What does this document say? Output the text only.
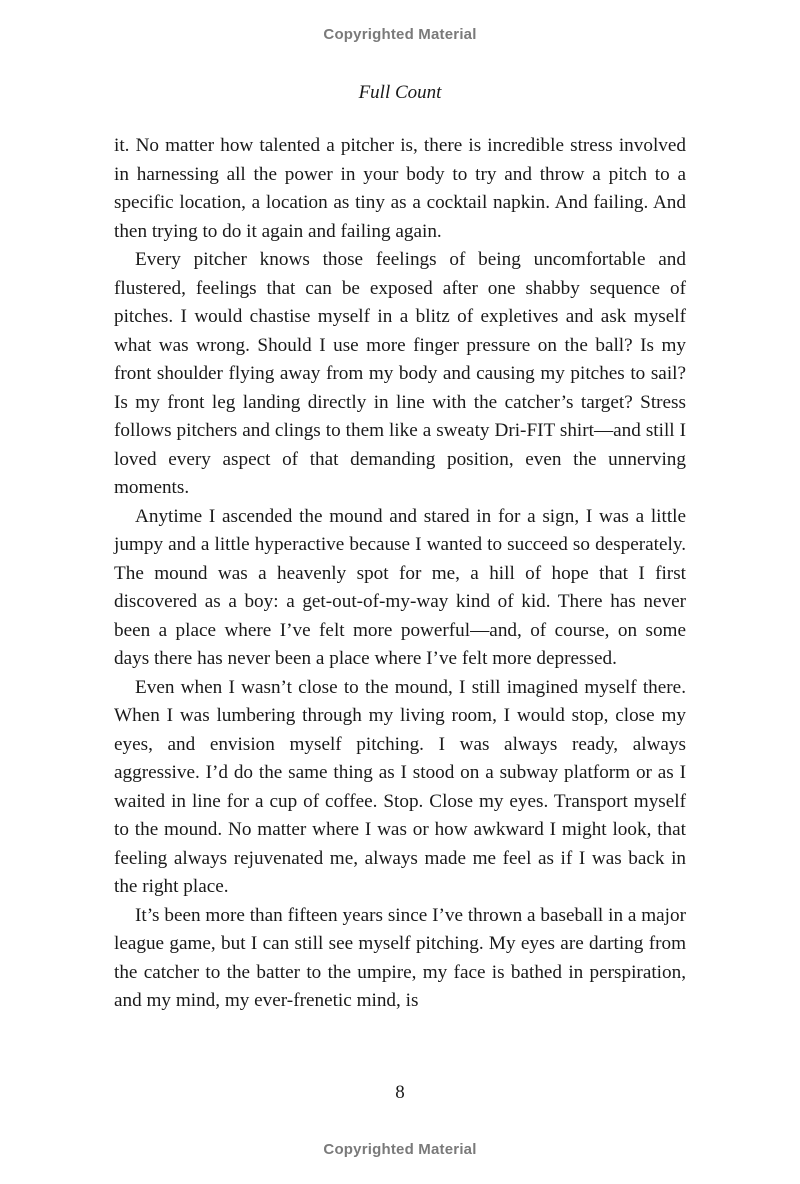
Copyrighted Material
Full Count

it. No matter how talented a pitcher is, there is incredible stress involved in harnessing all the power in your body to try and throw a pitch to a specific location, a location as tiny as a cocktail napkin. And failing. And then trying to do it again and failing again.

Every pitcher knows those feelings of being uncomfortable and flustered, feelings that can be exposed after one shabby sequence of pitches. I would chastise myself in a blitz of expletives and ask myself what was wrong. Should I use more finger pressure on the ball? Is my front shoulder flying away from my body and causing my pitches to sail? Is my front leg landing directly in line with the catcher’s target? Stress follows pitchers and clings to them like a sweaty Dri-FIT shirt—and still I loved every aspect of that demanding position, even the unnerving moments.

Anytime I ascended the mound and stared in for a sign, I was a little jumpy and a little hyperactive because I wanted to succeed so desperately. The mound was a heavenly spot for me, a hill of hope that I first discovered as a boy: a get-out-of-my-way kind of kid. There has never been a place where I’ve felt more powerful—and, of course, on some days there has never been a place where I’ve felt more depressed.

Even when I wasn’t close to the mound, I still imagined myself there. When I was lumbering through my living room, I would stop, close my eyes, and envision myself pitching. I was always ready, always aggressive. I’d do the same thing as I stood on a subway platform or as I waited in line for a cup of coffee. Stop. Close my eyes. Transport myself to the mound. No matter where I was or how awkward I might look, that feeling always rejuvenated me, always made me feel as if I was back in the right place.

It’s been more than fifteen years since I’ve thrown a baseball in a major league game, but I can still see myself pitching. My eyes are darting from the catcher to the batter to the umpire, my face is bathed in perspiration, and my mind, my ever-frenetic mind, is

8
Copyrighted Material
